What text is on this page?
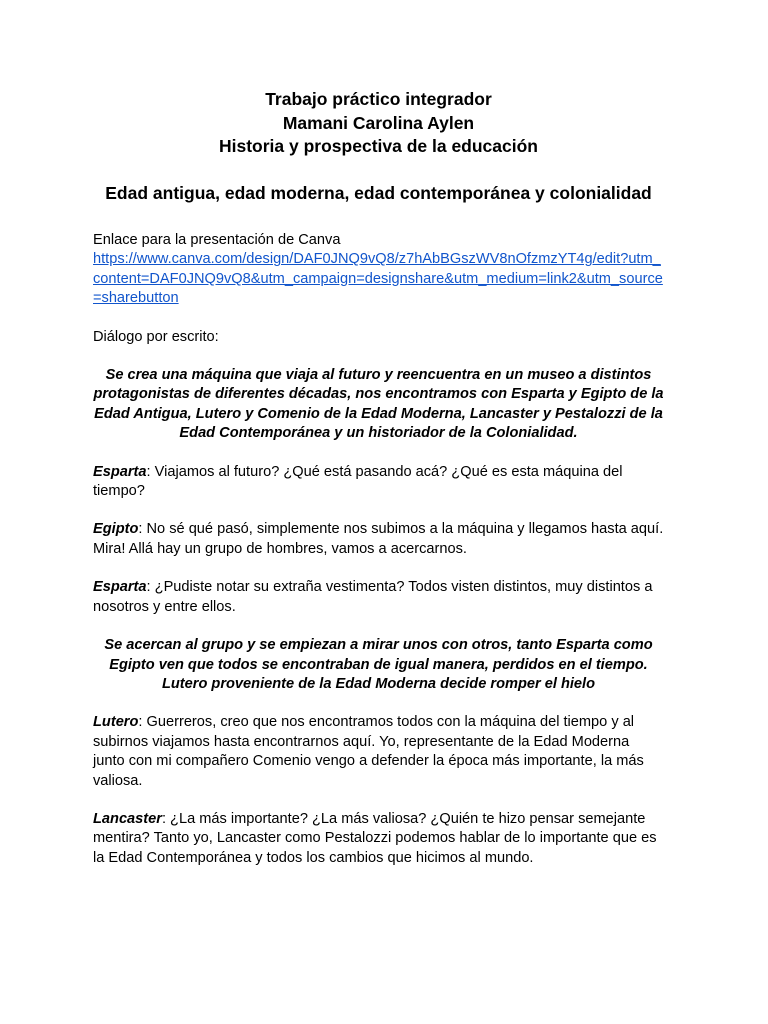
Trabajo práctico integrador
Mamani Carolina Aylen
Historia y prospectiva de la educación
Edad antigua, edad moderna, edad contemporánea y colonialidad
Enlace para la presentación de Canva
https://www.canva.com/design/DAF0JNQ9vQ8/z7hAbBGszWV8nOfzmzYT4g/edit?utm_content=DAF0JNQ9vQ8&utm_campaign=designshare&utm_medium=link2&utm_source=sharebutton
Diálogo por escrito:
Se crea una máquina que viaja al futuro y reencuentra en un museo a distintos protagonistas de diferentes décadas, nos encontramos con Esparta y Egipto de la Edad Antigua, Lutero y Comenio de la Edad Moderna, Lancaster y Pestalozzi de la Edad Contemporánea y un historiador de la Colonialidad.
Esparta: Viajamos al futuro? ¿Qué está pasando acá? ¿Qué es esta máquina del tiempo?
Egipto: No sé qué pasó, simplemente nos subimos a la máquina y llegamos hasta aquí. Mira! Allá hay un grupo de hombres, vamos a acercarnos.
Esparta: ¿Pudiste notar su extraña vestimenta? Todos visten distintos, muy distintos a nosotros y entre ellos.
Se acercan al grupo y se empiezan a mirar unos con otros, tanto Esparta como Egipto ven que todos se encontraban de igual manera, perdidos en el tiempo. Lutero proveniente de la Edad Moderna decide romper el hielo
Lutero: Guerreros, creo que nos encontramos todos con la máquina del tiempo y al subirnos viajamos hasta encontrarnos aquí. Yo, representante de la Edad Moderna junto con mi compañero Comenio vengo a defender la época más importante, la más valiosa.
Lancaster: ¿La más importante? ¿La más valiosa? ¿Quién te hizo pensar semejante mentira? Tanto yo, Lancaster como Pestalozzi podemos hablar de lo importante que es la Edad Contemporánea y todos los cambios que hicimos al mundo.
